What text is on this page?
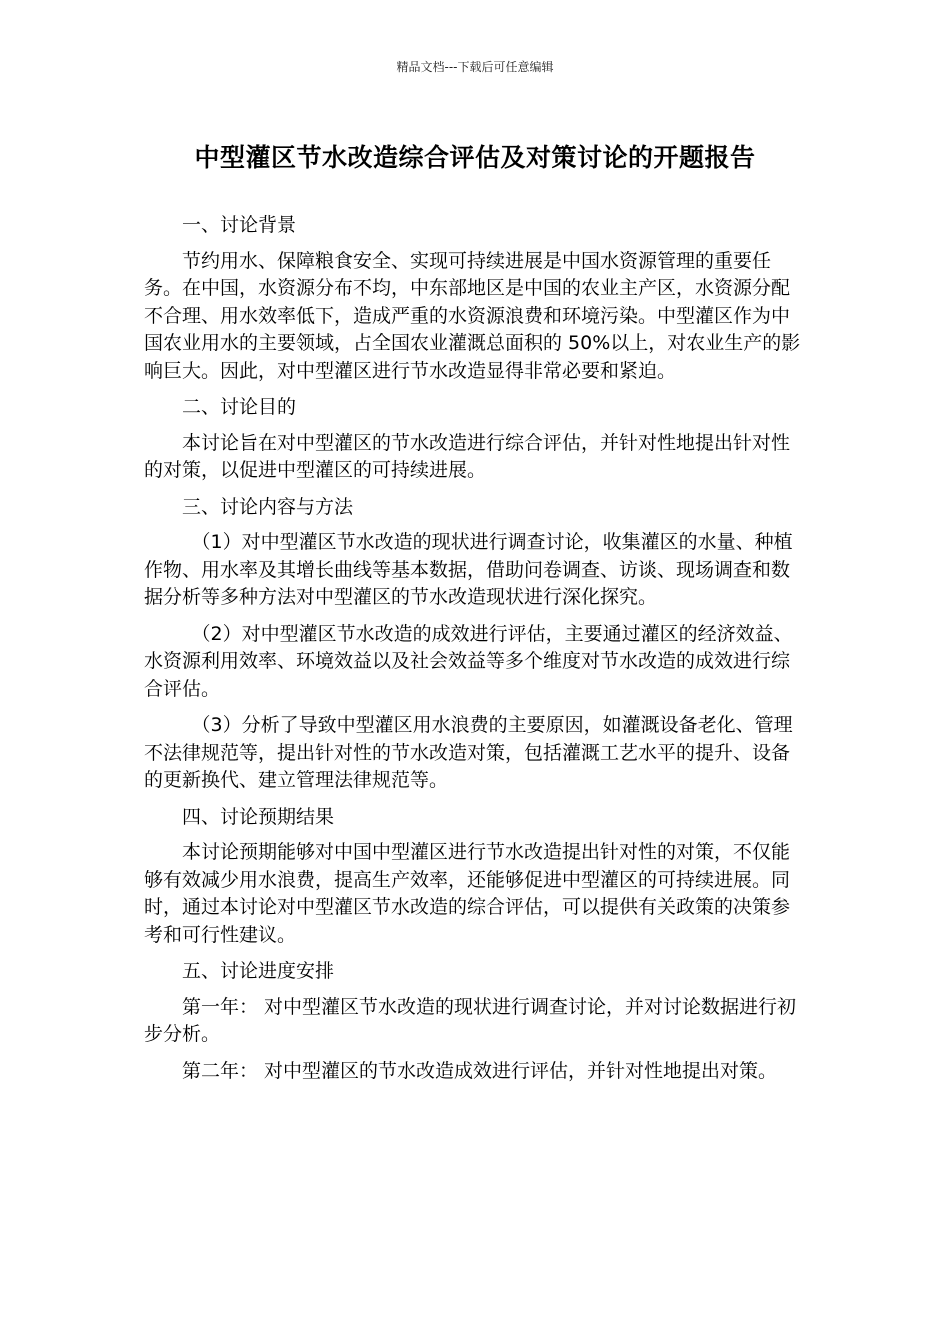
精品文档---下载后可任意编辑
中型灌区节水改造综合评估及对策讨论的开题报告

一、讨论背景

节约用水、保障粮食安全、实现可持续进展是中国水资源管理的重要任务。在中国，水资源分布不均，中东部地区是中国的农业主产区，水资源分配不合理、用水效率低下，造成严重的水资源浪费和环境污染。中型灌区作为中国农业用水的主要领域，占全国农业灌溉总面积的 50%以上，对农业生产的影响巨大。因此，对中型灌区进行节水改造显得非常必要和紧迫。

二、讨论目的

本讨论旨在对中型灌区的节水改造进行综合评估，并针对性地提出针对性的对策，以促进中型灌区的可持续进展。

三、讨论内容与方法

（1）对中型灌区节水改造的现状进行调查讨论，收集灌区的水量、种植作物、用水率及其增长曲线等基本数据，借助问卷调查、访谈、现场调查和数据分析等多种方法对中型灌区的节水改造现状进行深化探究。

（2）对中型灌区节水改造的成效进行评估，主要通过灌区的经济效益、水资源利用效率、环境效益以及社会效益等多个维度对节水改造的成效进行综合评估。

（3）分析了导致中型灌区用水浪费的主要原因，如灌溉设备老化、管理不法律规范等，提出针对性的节水改造对策，包括灌溉工艺水平的提升、设备的更新换代、建立管理法律规范等。

四、讨论预期结果

本讨论预期能够对中国中型灌区进行节水改造提出针对性的对策，不仅能够有效减少用水浪费，提高生产效率，还能够促进中型灌区的可持续进展。同时，通过本讨论对中型灌区节水改造的综合评估，可以提供有关政策的决策参考和可行性建议。

五、讨论进度安排

第一年： 对中型灌区节水改造的现状进行调查讨论，并对讨论数据进行初步分析。

第二年： 对中型灌区的节水改造成效进行评估，并针对性地提出对策。
